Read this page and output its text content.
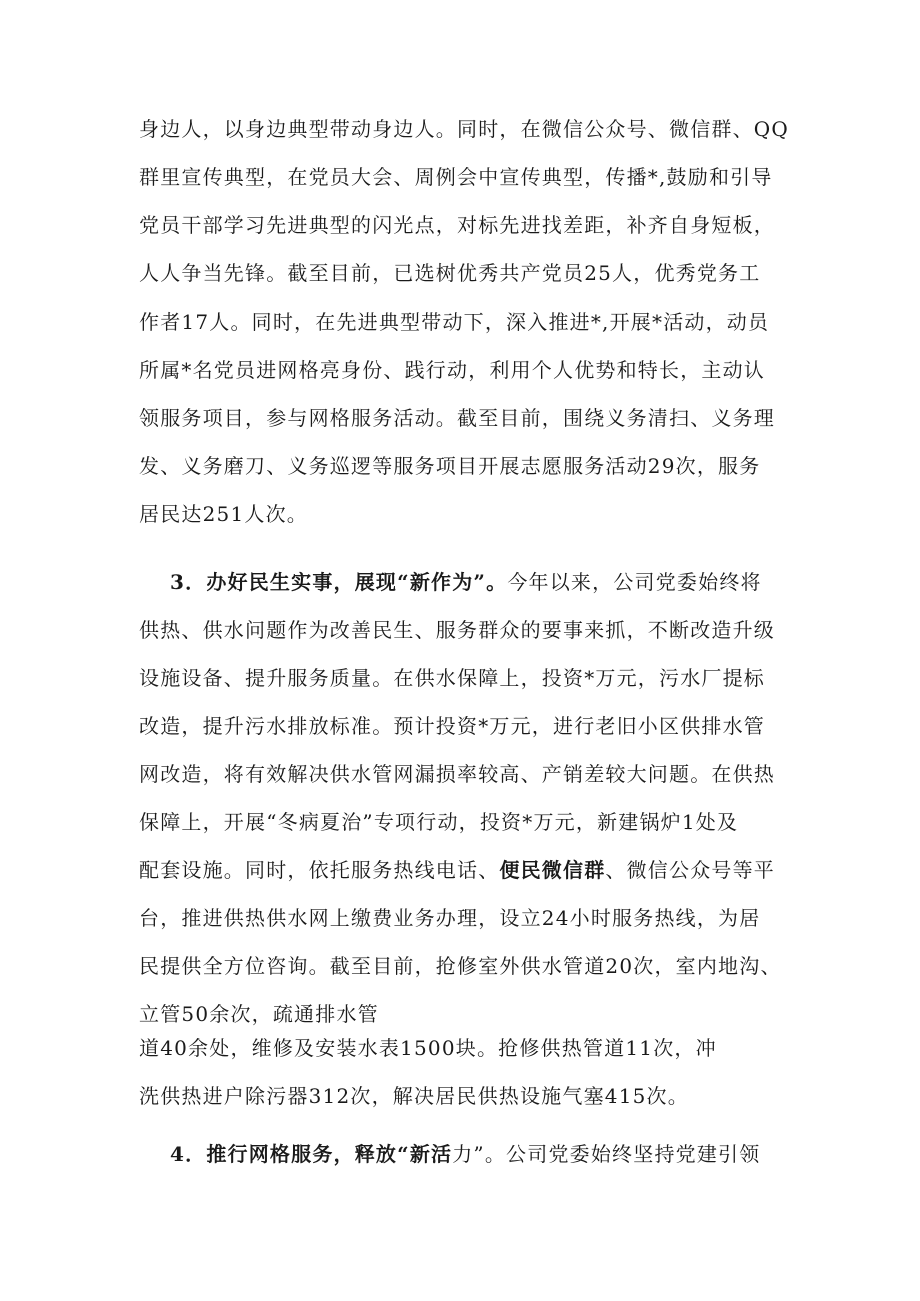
身边人，以身边典型带动身边人。同时，在微信公众号、微信群、QQ
群里宣传典型，在党员大会、周例会中宣传典型，传播*,鼓励和引导
党员干部学习先进典型的闪光点，对标先进找差距，补齐自身短板，
人人争当先锋。截至目前，已选树优秀共产党员25人，优秀党务工
作者17人。同时，在先进典型带动下，深入推进*,开展*活动，动员
所属*名党员进网格亮身份、践行动，利用个人优势和特长，主动认
领服务项目，参与网格服务活动。截至目前，围绕义务清扫、义务理
发、义务磨刀、义务巡逻等服务项目开展志愿服务活动29次，服务
居民达251人次。
3．办好民生实事，展现“新作为”。今年以来，公司党委始终将
供热、供水问题作为改善民生、服务群众的要事来抓，不断改造升级
设施设备、提升服务质量。在供水保障上，投资*万元，污水厂提标
改造，提升污水排放标准。预计投资*万元，进行老旧小区供排水管
网改造，将有效解决供水管网漏损率较高、产销差较大问题。在供热
保障上，开展“冬病夏治”专项行动，投资*万元，新建锅炉1处及
配套设施。同时，依托服务热线电话、便民微信群、微信公众号等平
台，推进供热供水网上缴费业务办理，设立24小时服务热线，为居
民提供全方位咨询。截至目前，抢修室外供水管道20次，室内地沟、
立管50余次，疏通排水管
道40余处，维修及安装水表1500块。抢修供热管道11次，冲
洗供热进户除污器312次，解决居民供热设施气塞415次。
4．推行网格服务，释放“新活力”。公司党委始终坚持党建引领
